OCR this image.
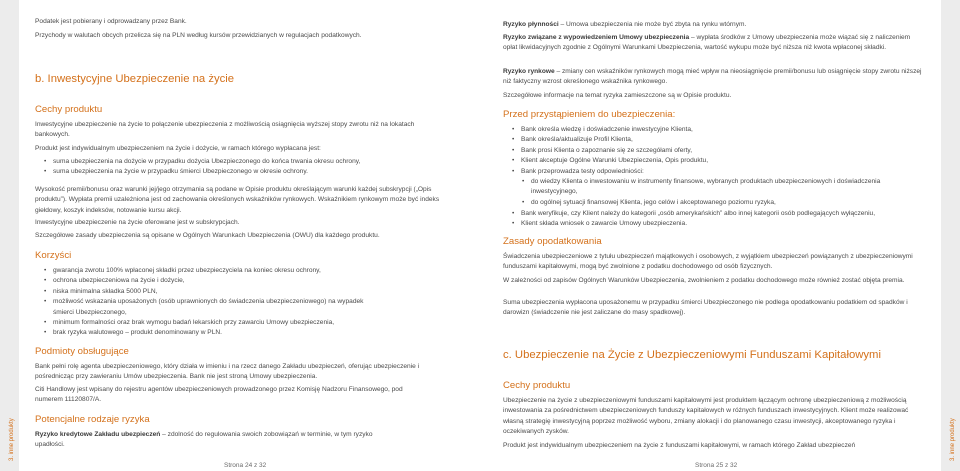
3. inne produkty	3. inne produkty

Podatek jest pobierany i odprowadzany przez Bank.

Przychody w walutach obcych przelicza się na PLN według kursów przewidzianych w regulacjach podatkowych.

b. Inwestycyjne Ubezpieczenie na życie
Cechy produktu

Inwestycyjne ubezpieczenie na życie to połączenie ubezpieczenia z możliwością osiągnięcia wyższej stopy zwrotu niż na lokatach bankowych.

Produkt jest indywidualnym ubezpieczeniem na życie i dożycie, w ramach którego wypłacana jest:

• suma ubezpieczenia na dożycie w przypadku dożycia Ubezpieczonego do końca trwania okresu ochrony,
• suma ubezpieczenia na życie w przypadku śmierci Ubezpieczonego w okresie ochrony.

Wysokość premii/bonusu oraz warunki jej/jego otrzymania są podane w Opisie produktu określającym warunki każdej subskrypcji („Opis produktu”). Wypłata premii uzależniona jest od zachowania określonych wskaźników rynkowych. Wskaźnikiem rynkowym może być indeks giełdowy, koszyk indeksów, notowanie kursu akcji.

Inwestycyjne ubezpieczenie na życie oferowane jest w subskrypcjach.

Szczegółowe zasady ubezpieczenia są opisane w Ogólnych Warunkach Ubezpieczenia (OWU) dla każdego produktu.

Korzyści
• gwarancja zwrotu 100% wpłaconej składki przez ubezpieczyciela na koniec okresu ochrony,
• ochrona ubezpieczeniowa na życie i dożycie,
• niska minimalna składka 5000 PLN,
• możliwość wskazania uposażonych (osób uprawnionych do świadczenia ubezpieczeniowego) na wypadek śmierci Ubezpieczonego,
• minimum formalności oraz brak wymogu badań lekarskich przy zawarciu Umowy ubezpieczenia,
• brak ryzyka walutowego – produkt denominowany w PLN.
Podmioty obsługujące

Bank pełni rolę agenta ubezpieczeniowego, który działa w imieniu i na rzecz danego Zakładu ubezpieczeń, oferując ubezpieczenie i pośrednicząc przy zawieraniu Umów ubezpieczenia. Bank nie jest stroną Umowy ubezpieczenia.

Citi Handlowy jest wpisany do rejestru agentów ubezpieczeniowych prowadzonego przez Komisję Nadzoru Finansowego, pod numerem 11120807/A.

Potencjalne rodzaje ryzyka

Ryzyko kredytowe Zakładu ubezpieczeń – zdolność do regulowania swoich zobowiązań w terminie, w tym ryzyko upadłości.

Strona 24 z 32

Ryzyko płynności – Umowa ubezpieczenia nie może być zbyta na rynku wtórnym.

Ryzyko związane z wypowiedzeniem Umowy ubezpieczenia – wypłata środków z Umowy ubezpieczenia może wiązać się z naliczeniem opłat likwidacyjnych zgodnie z Ogólnymi Warunkami Ubezpieczenia, wartość wykupu może być niższa niż kwota wpłaconej składki.

Ryzyko rynkowe – zmiany cen wskaźników rynkowych mogą mieć wpływ na nieosiągnięcie premii/bonusu lub osiągnięcie stopy zwrotu niższej niż faktyczny wzrost określonego wskaźnika rynkowego.

Szczegółowe informacje na temat ryzyka zamieszczone są w Opisie produktu.

Przed przystąpieniem do ubezpieczenia:
• Bank określa wiedzę i doświadczenie inwestycyjne Klienta,
• Bank określa/aktualizuje Profil Klienta,
• Bank prosi Klienta o zapoznanie się ze szczegółami oferty,
• Klient akceptuje Ogólne Warunki Ubezpieczenia, Opis produktu,
• Bank przeprowadza testy odpowiedniości:
• do wiedzy Klienta o inwestowaniu w instrumenty finansowe, wybranych produktach ubezpieczeniowych i doświadczenia inwestycyjnego,
• do ogólnej sytuacji finansowej Klienta, jego celów i akceptowanego poziomu ryzyka,
• Bank weryfikuje, czy Klient należy do kategorii „osób amerykańskich” albo innej kategorii osób podlegających wyłączeniu,
• Klient składa wniosek o zawarcie Umowy ubezpieczenia.
Zasady opodatkowania

Świadczenia ubezpieczeniowe z tytułu ubezpieczeń majątkowych i osobowych, z wyjątkiem ubezpieczeń powiązanych z ubezpieczeniowymi funduszami kapitałowymi, mogą być zwolnione z podatku dochodowego od osób fizycznych.

W zależności od zapisów Ogólnych Warunków Ubezpieczenia, zwolnieniem z podatku dochodowego może również zostać objęta premia.

Suma ubezpieczenia wypłacona uposażonemu w przypadku śmierci Ubezpieczonego nie podlega opodatkowaniu podatkiem od spadków i darowizn (świadczenie nie jest zaliczane do masy spadkowej).

c. Ubezpieczenie na Życie z Ubezpieczeniowymi Funduszami Kapitałowymi
Cechy produktu

Ubezpieczenie na życie z ubezpieczeniowymi funduszami kapitałowymi jest produktem łączącym ochronę ubezpieczeniową z możliwością inwestowania za pośrednictwem ubezpieczeniowych funduszy kapitałowych w różnych funduszach inwestycyjnych. Klient może realizować własną strategię inwestycyjną poprzez możliwość wyboru, zmiany alokacji i do planowanego czasu inwestycji, akceptowanego ryzyka i oczekiwanych zysków.

Produkt jest indywidualnym ubezpieczeniem na życie z funduszami kapitałowymi, w ramach którego Zakład ubezpieczeń

Strona 25 z 32
